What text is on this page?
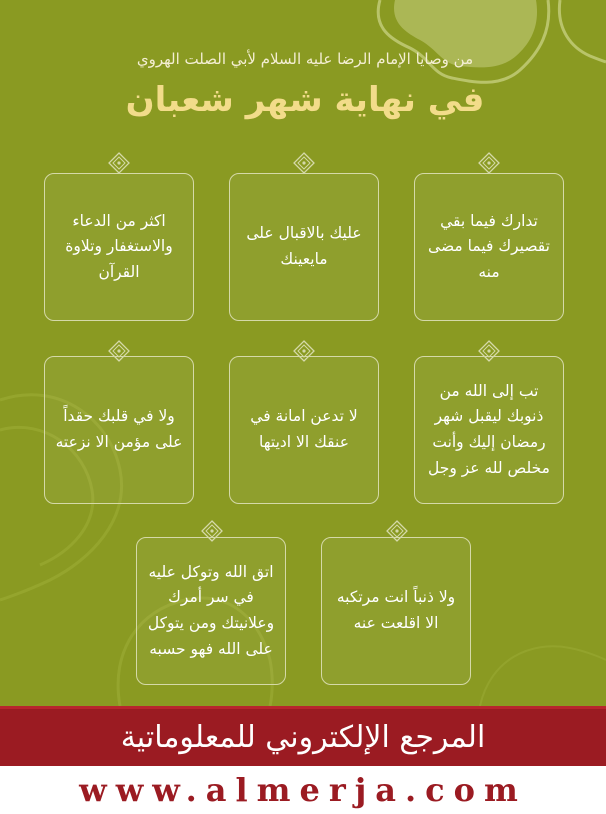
من وصايا الإمام الرضا عليه السلام لأبي الصلت الهروي
في نهاية شهر شعبان
تدارك فيما بقي تقصيرك فيما مضى منه
عليك بالاقبال على مايعينك
اكثر من الدعاء والاستغفار وتلاوة القرآن
تب إلى الله من ذنوبك ليقبل شهر رمضان إليك وأنت مخلص لله عز وجل
لا تدعن امانة في عنقك الا اديتها
ولا في قلبك حقداً على مؤمن الا نزعته
ولا ذنباً انت مرتكبه الا اقلعت عنه
اتق الله وتوكل عليه في سر أمرك وعلانيتك ومن يتوكل على الله فهو حسبه
المرجع الإلكتروني للمعلوماتية
www.almerja.com
